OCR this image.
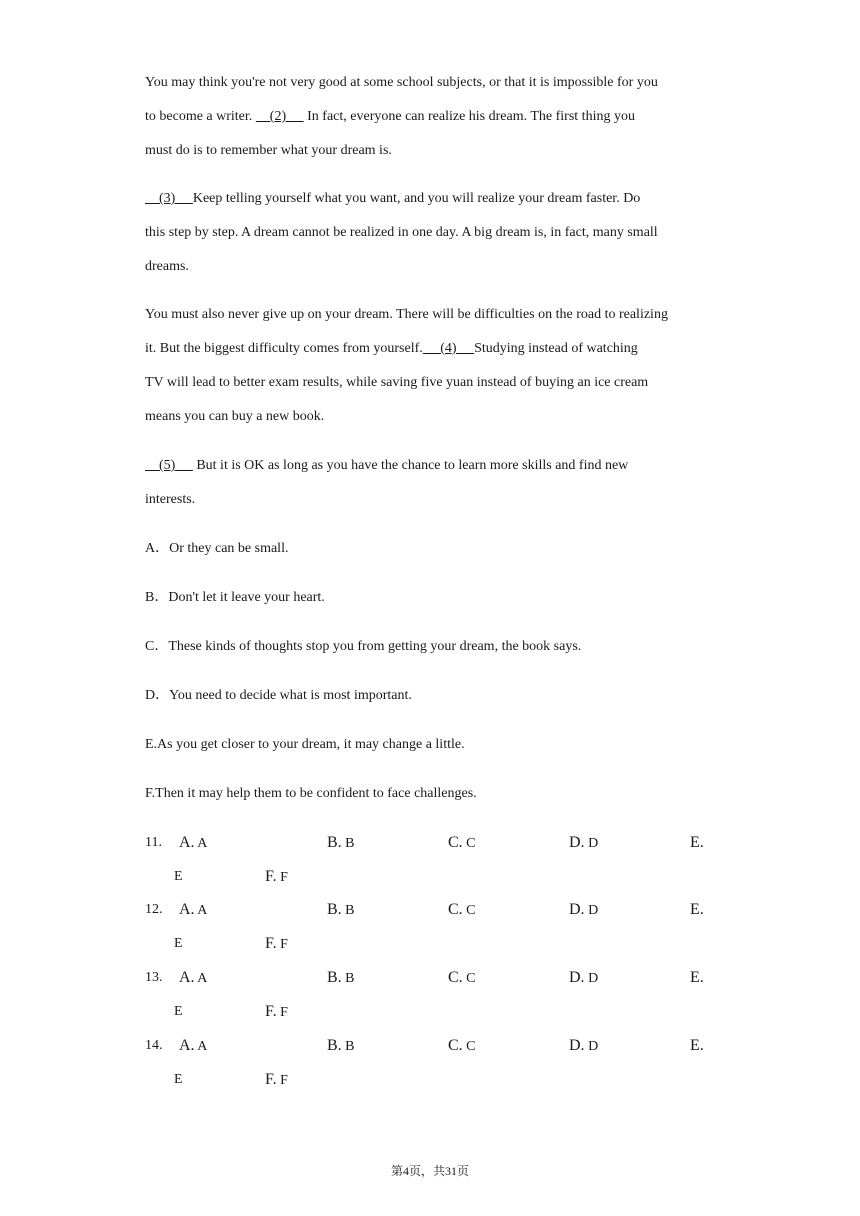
You may think you're not very good at some school subjects, or that it is impossible for you
to become a writer.     (2)      In fact, everyone can realize his dream. The first thing you
must do is to remember what your dream is.
(3)     Keep telling yourself what you want, and you will realize your dream faster. Do
this step by step. A dream cannot be realized in one day. A big dream is, in fact, many small
dreams.
You must also never give up on your dream. There will be difficulties on the road to realizing
it. But the biggest difficulty comes from yourself.     (4)     Studying instead of watching
TV will lead to better exam results, while saving five yuan instead of buying an ice cream
means you can buy a new book.
(5)      But it is OK as long as you have the chance to learn more skills and find new
interests.
A．Or they can be small.
B．Don't let it leave your heart.
C．These kinds of thoughts stop you from getting your dream, the book says.
D．You need to decide what is most important.
E.As you get closer to your dream, it may change a little.
F.Then it may help them to be confident to face challenges.
11. A. A	B. B	C. C	D. D	E.
E	F. F
12. A. A	B. B	C. C	D. D	E.
E	F. F
13. A. A	B. B	C. C	D. D	E.
E	F. F
14. A. A	B. B	C. C	D. D	E.
E	F. F
第4页，共31页
